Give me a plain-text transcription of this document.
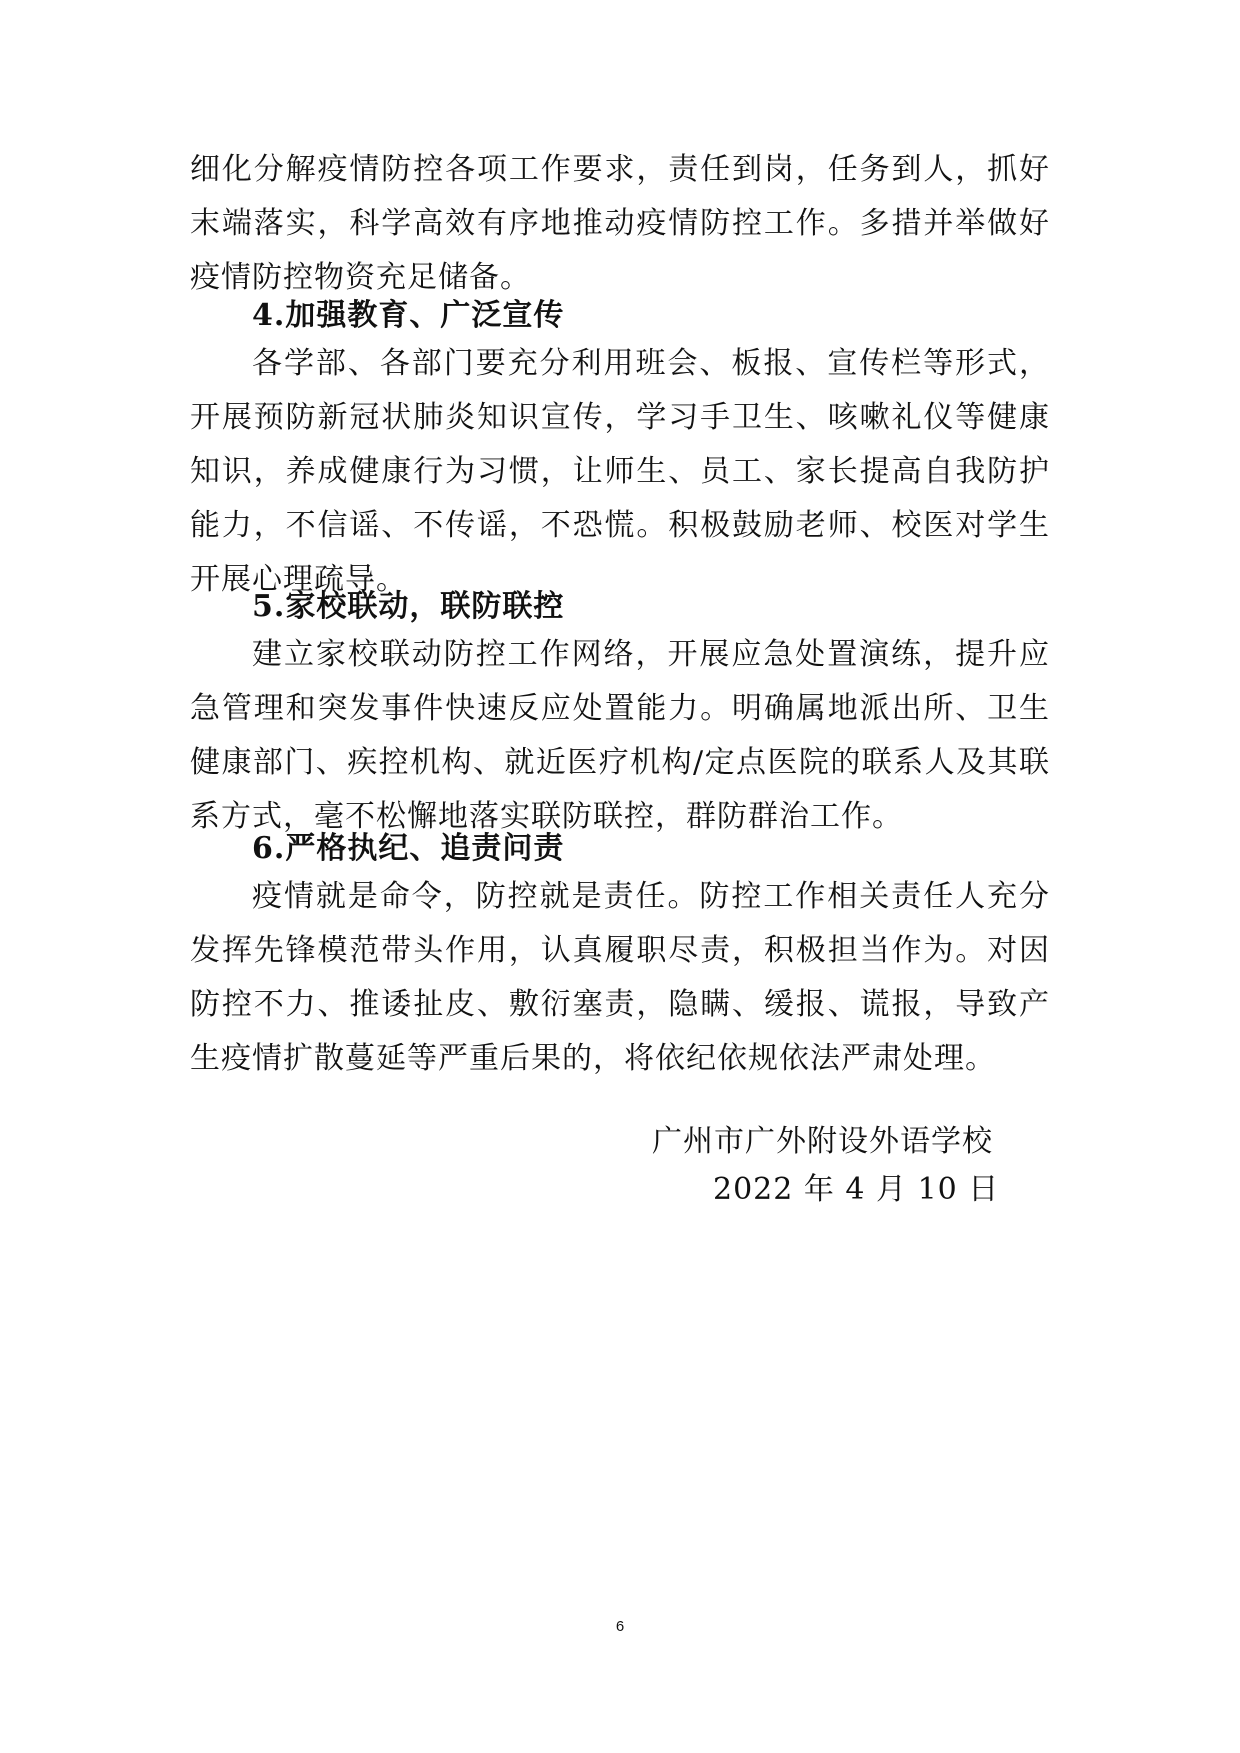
细化分解疫情防控各项工作要求，责任到岗，任务到人，抓好末端落实，科学高效有序地推动疫情防控工作。多措并举做好疫情防控物资充足储备。

4.加强教育、广泛宣传

各学部、各部门要充分利用班会、板报、宣传栏等形式，开展预防新冠状肺炎知识宣传，学习手卫生、咳嗽礼仪等健康知识，养成健康行为习惯，让师生、员工、家长提高自我防护能力，不信谣、不传谣，不恐慌。积极鼓励老师、校医对学生开展心理疏导。

5.家校联动，联防联控

建立家校联动防控工作网络，开展应急处置演练，提升应急管理和突发事件快速反应处置能力。明确属地派出所、卫生健康部门、疾控机构、就近医疗机构/定点医院的联系人及其联系方式，毫不松懈地落实联防联控，群防群治工作。

6.严格执纪、追责问责

疫情就是命令，防控就是责任。防控工作相关责任人充分发挥先锋模范带头作用，认真履职尽责，积极担当作为。对因防控不力、推诿扯皮、敷衍塞责，隐瞒、缓报、谎报，导致产生疫情扩散蔓延等严重后果的，将依纪依规依法严肃处理。

广州市广外附设外语学校

2022 年 4 月 10 日

6
